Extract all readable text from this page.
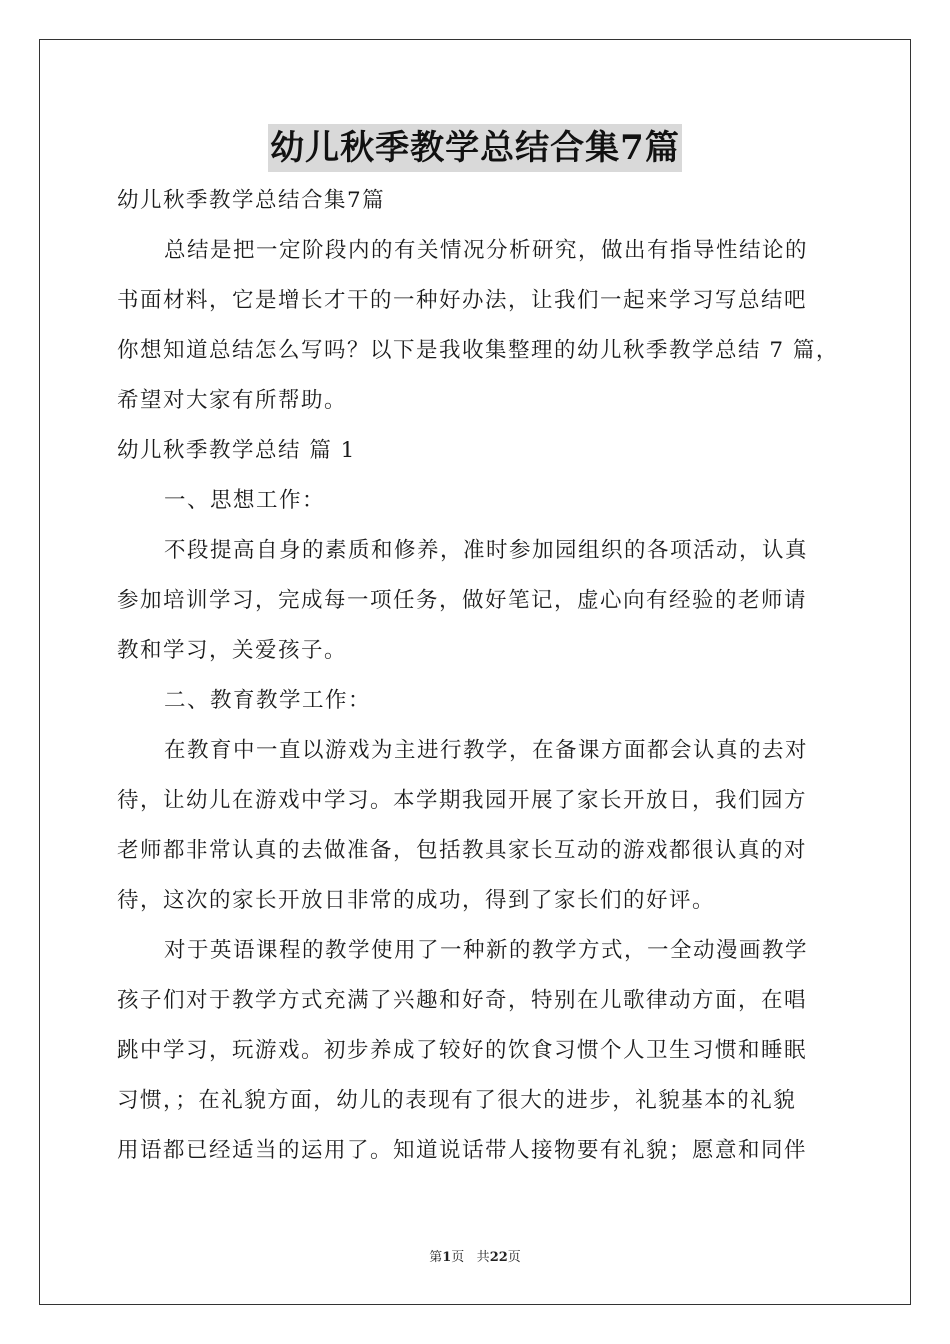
幼儿秋季教学总结合集7篇
幼儿秋季教学总结合集7篇
总结是把一定阶段内的有关情况分析研究，做出有指导性结论的
书面材料，它是增长才干的一种好办法，让我们一起来学习写总结吧
你想知道总结怎么写吗？以下是我收集整理的幼儿秋季教学总结 7 篇，
希望对大家有所帮助。
幼儿秋季教学总结 篇 1
一、思想工作：
不段提高自身的素质和修养，准时参加园组织的各项活动，认真
参加培训学习，完成每一项任务，做好笔记，虚心向有经验的老师请
教和学习，关爱孩子。
二、教育教学工作：
在教育中一直以游戏为主进行教学，在备课方面都会认真的去对
待，让幼儿在游戏中学习。本学期我园开展了家长开放日，我们园方
老师都非常认真的去做准备，包括教具家长互动的游戏都很认真的对
待，这次的家长开放日非常的成功，得到了家长们的好评。
对于英语课程的教学使用了一种新的教学方式，一全动漫画教学
孩子们对于教学方式充满了兴趣和好奇，特别在儿歌律动方面，在唱
跳中学习，玩游戏。初步养成了较好的饮食习惯个人卫生习惯和睡眠
习惯，；在礼貌方面，幼儿的表现有了很大的进步，礼貌基本的礼貌
用语都已经适当的运用了。知道说话带人接物要有礼貌；愿意和同伴
第1页 共22页
